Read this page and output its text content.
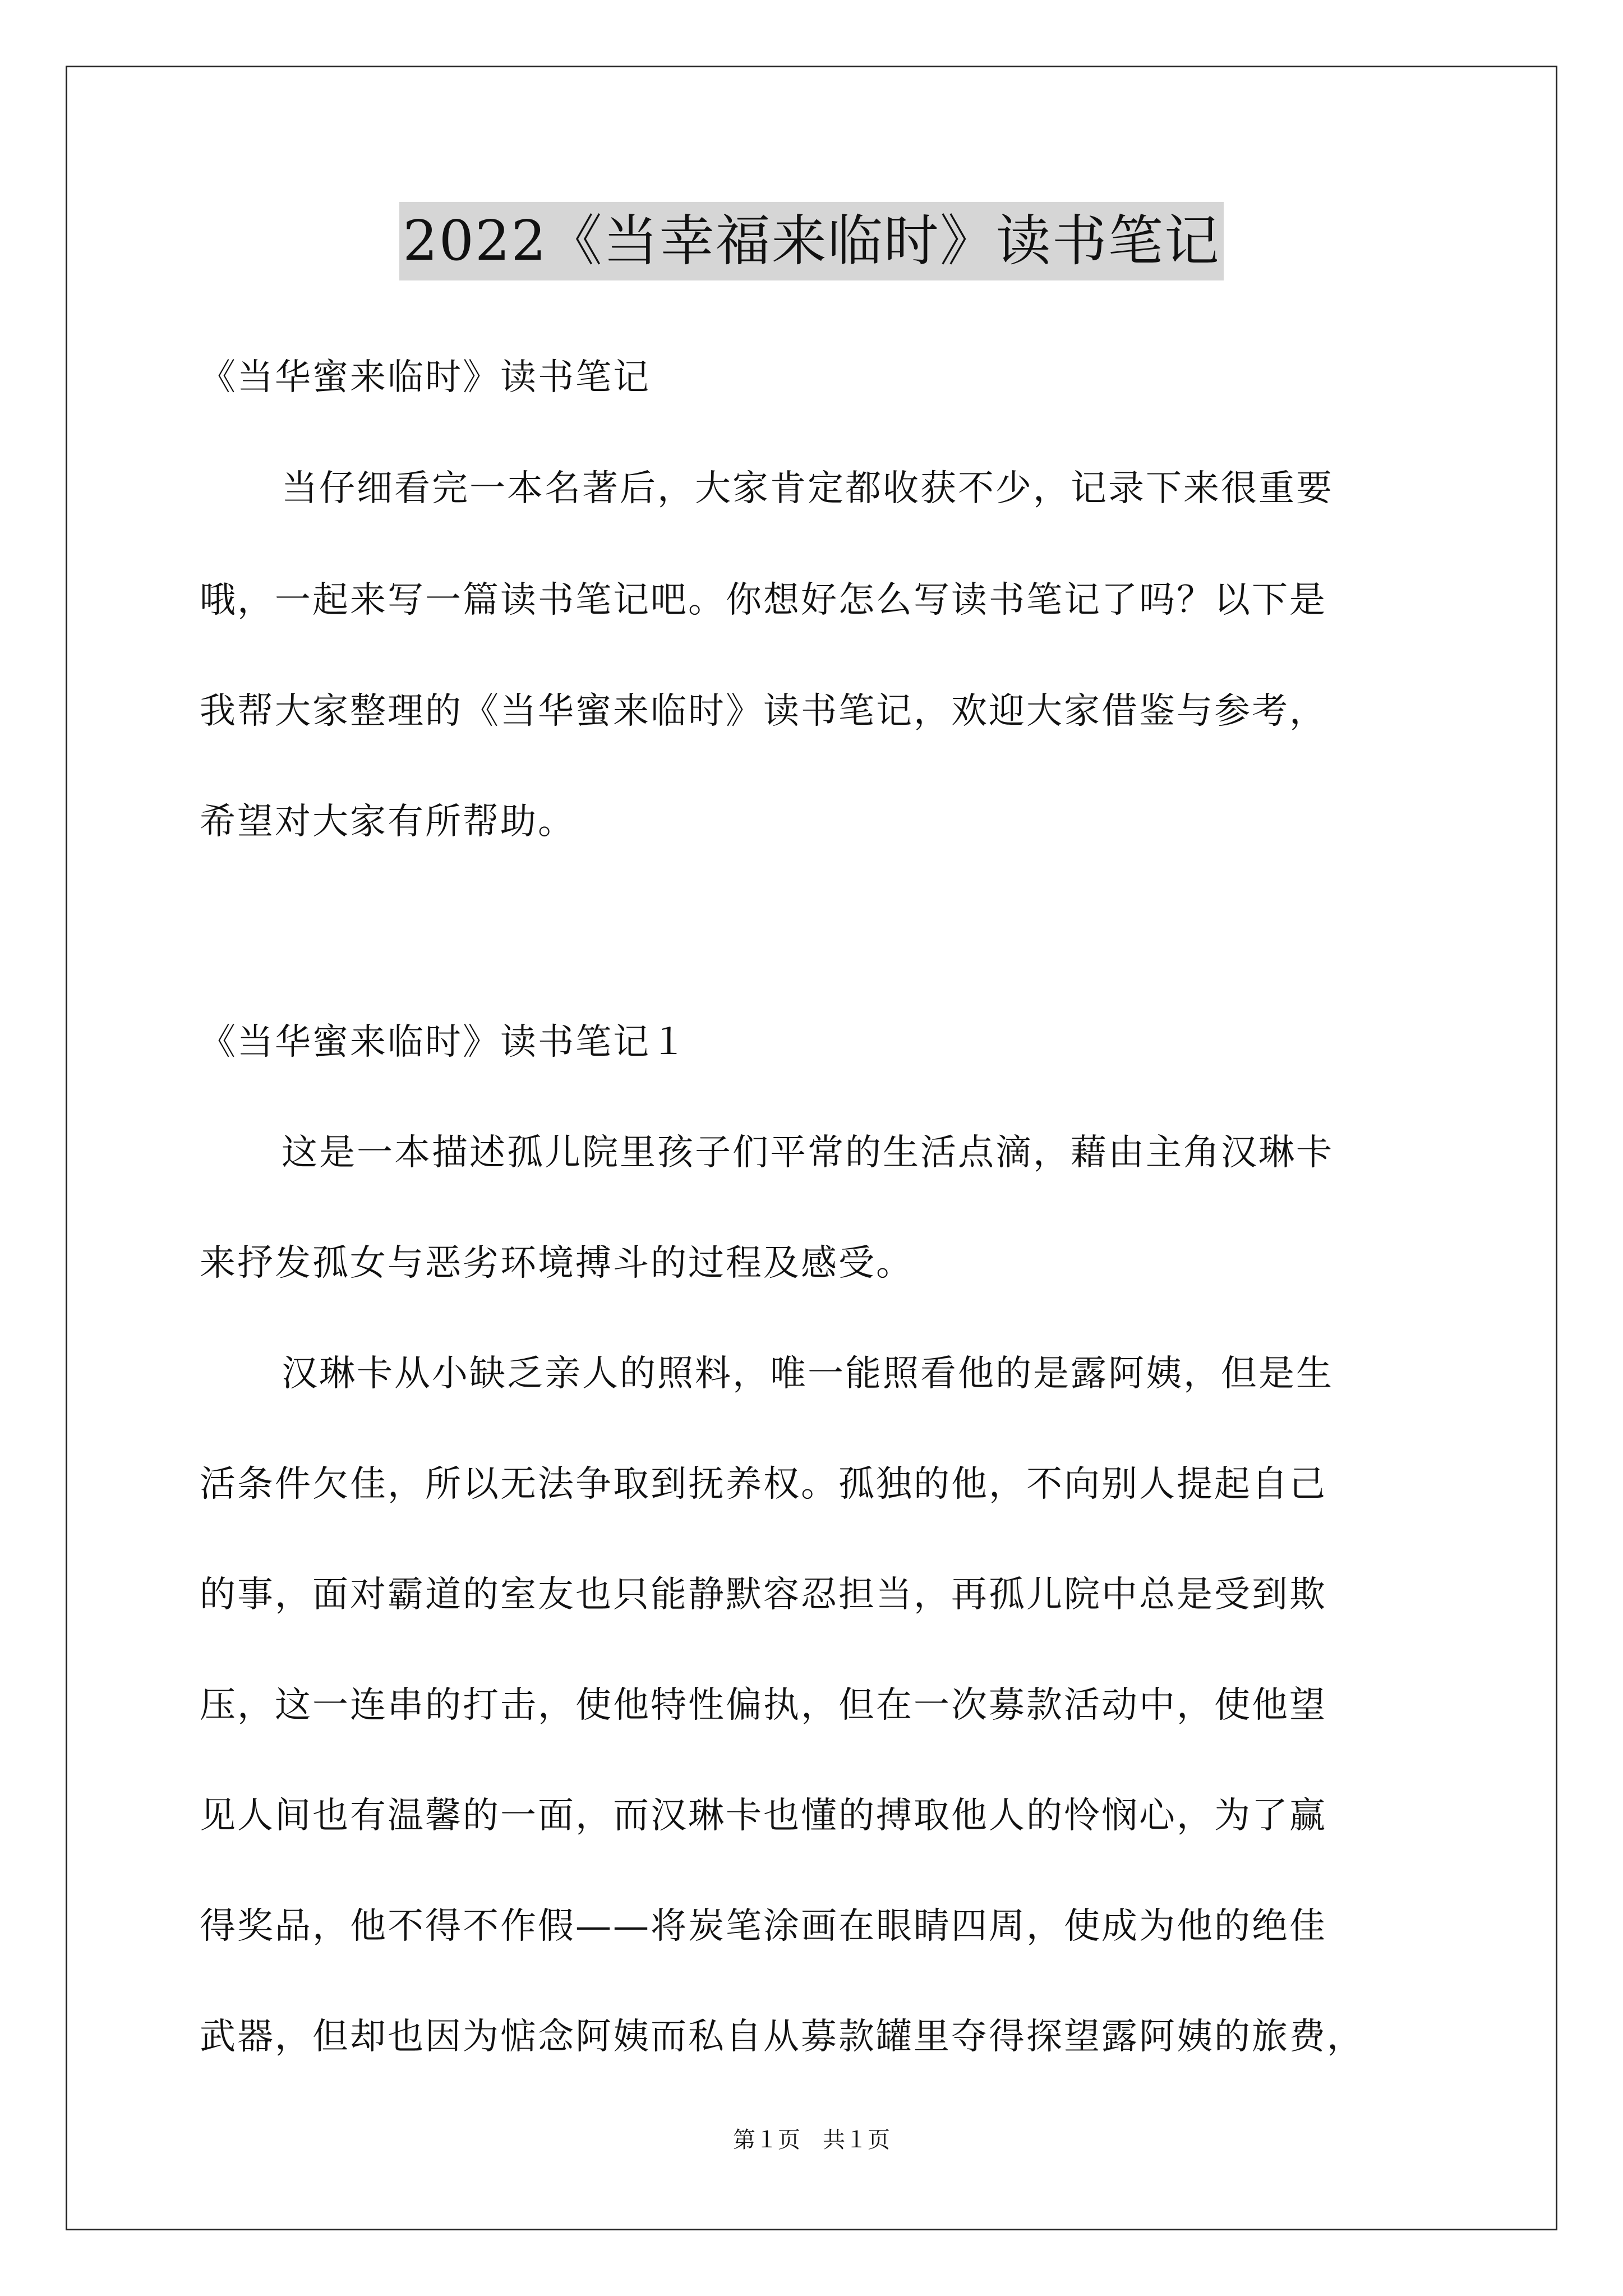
2022《当幸福来临时》读书笔记

《当华蜜来临时》读书笔记

当仔细看完一本名著后，大家肯定都收获不少，记录下来很重要

哦，一起来写一篇读书笔记吧。你想好怎么写读书笔记了吗？以下是

我帮大家整理的《当华蜜来临时》读书笔记，欢迎大家借鉴与参考，

希望对大家有所帮助。

《当华蜜来临时》读书笔记１

这是一本描述孤儿院里孩子们平常的生活点滴，藉由主角汉琳卡

来抒发孤女与恶劣环境搏斗的过程及感受。

汉琳卡从小缺乏亲人的照料，唯一能照看他的是露阿姨，但是生

活条件欠佳，所以无法争取到抚养权。孤独的他，不向别人提起自己

的事，面对霸道的室友也只能静默容忍担当，再孤儿院中总是受到欺

压，这一连串的打击，使他特性偏执，但在一次募款活动中，使他望

见人间也有温馨的一面，而汉琳卡也懂的搏取他人的怜悯心，为了赢

得奖品，他不得不作假——将炭笔涂画在眼睛四周，使成为他的绝佳

武器，但却也因为惦念阿姨而私自从募款罐里夺得探望露阿姨的旅费，

第１页　共１页
